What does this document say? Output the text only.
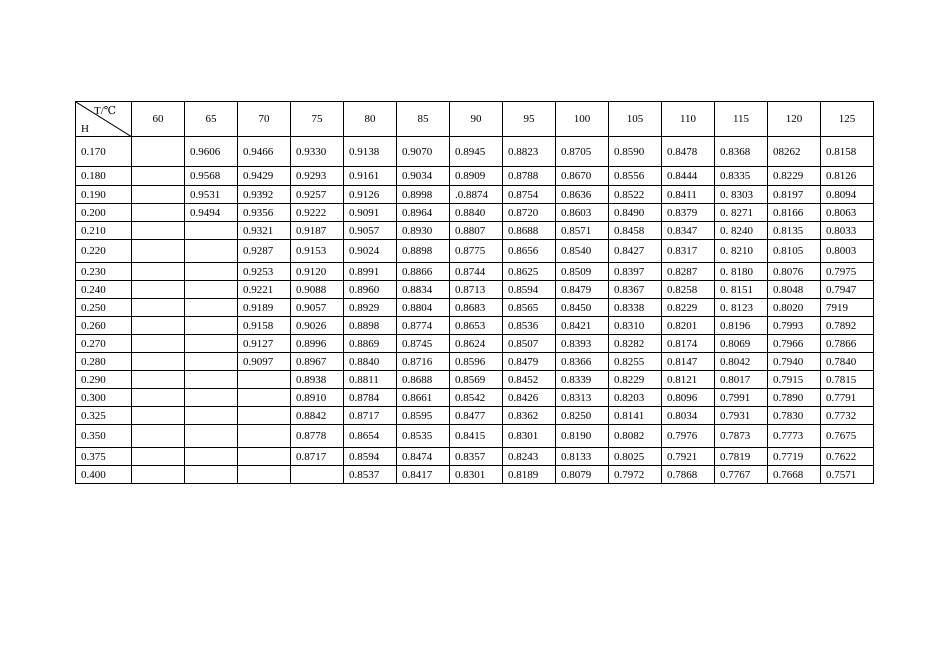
T/℃
H	60	65	70	75	80	85	90	95	100	105	110	115	120	125
0.170		0.9606	0.9466	0.9330	0.9138	0.9070	0.8945	0.8823	0.8705	0.8590	0.8478	0.8368	08262	0.8158
0.180		0.9568	0.9429	0.9293	0.9161	0.9034	0.8909	0.8788	0.8670	0.8556	0.8444	0.8335	0.8229	0.8126
0.190		0.9531	0.9392	0.9257	0.9126	0.8998	.0.8874	0.8754	0.8636	0.8522	0.8411	0. 8303	0.8197	0.8094
0.200		0.9494	0.9356	0.9222	0.9091	0.8964	0.8840	0.8720	0.8603	0.8490	0.8379	0. 8271	0.8166	0.8063
0.210			0.9321	0.9187	0.9057	0.8930	0.8807	0.8688	0.8571	0.8458	0.8347	0. 8240	0.8135	0.8033
0.220			0.9287	0.9153	0.9024	0.8898	0.8775	0.8656	0.8540	0.8427	0.8317	0. 8210	0.8105	0.8003
0.230			0.9253	0.9120	0.8991	0.8866	0.8744	0.8625	0.8509	0.8397	0.8287	0. 8180	0.8076	0.7975
0.240			0.9221	0.9088	0.8960	0.8834	0.8713	0.8594	0.8479	0.8367	0.8258	0. 8151	0.8048	0.7947
0.250			0.9189	0.9057	0.8929	0.8804	0.8683	0.8565	0.8450	0.8338	0.8229	0. 8123	0.8020	7919
0.260			0.9158	0.9026	0.8898	0.8774	0.8653	0.8536	0.8421	0.8310	0.8201	0.8196	0.7993	0.7892
0.270			0.9127	0.8996	0.8869	0.8745	0.8624	0.8507	0.8393	0.8282	0.8174	0.8069	0.7966	0.7866
0.280			0.9097	0.8967	0.8840	0.8716	0.8596	0.8479	0.8366	0.8255	0.8147	0.8042	0.7940	0.7840
0.290				0.8938	0.8811	0.8688	0.8569	0.8452	0.8339	0.8229	0.8121	0.8017	0.7915	0.7815
0.300				0.8910	0.8784	0.8661	0.8542	0.8426	0.8313	0.8203	0.8096	0.7991	0.7890	0.7791
0.325				0.8842	0.8717	0.8595	0.8477	0.8362	0.8250	0.8141	0.8034	0.7931	0.7830	0.7732
0.350				0.8778	0.8654	0.8535	0.8415	0.8301	0.8190	0.8082	0.7976	0.7873	0.7773	0.7675
0.375				0.8717	0.8594	0.8474	0.8357	0.8243	0.8133	0.8025	0.7921	0.7819	0.7719	0.7622
0.400					0.8537	0.8417	0.8301	0.8189	0.8079	0.7972	0.7868	0.7767	0.7668	0.7571
